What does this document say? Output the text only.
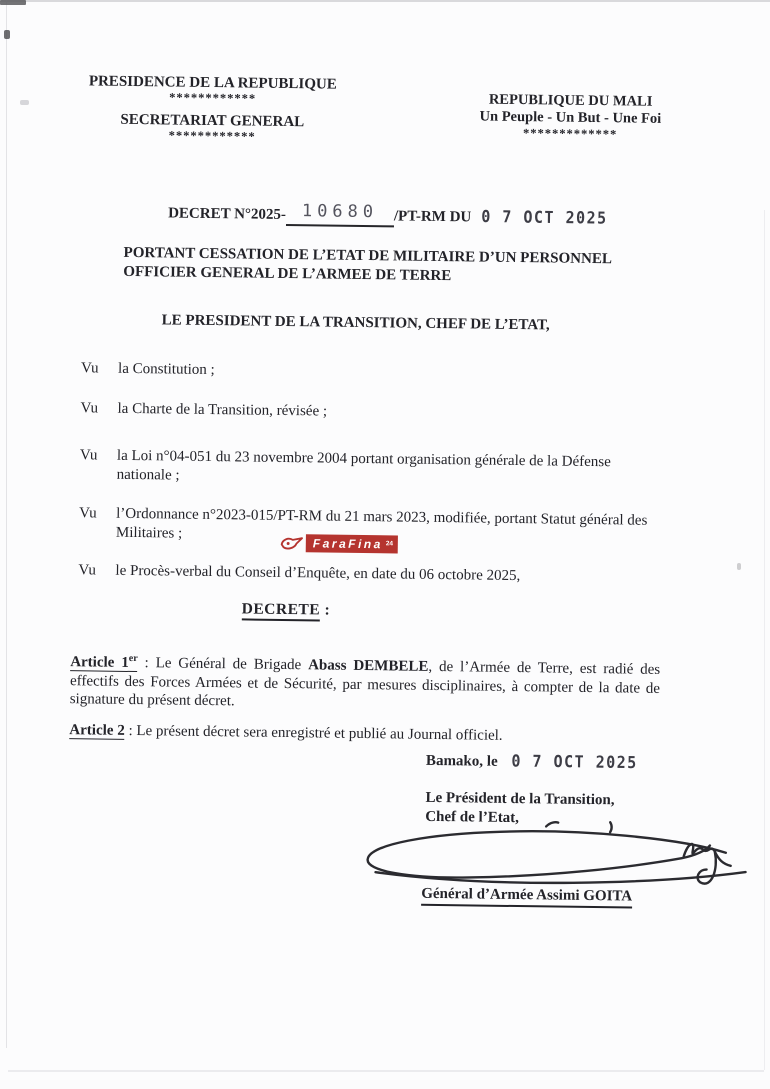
PRESIDENCE DE LA REPUBLIQUE
************
SECRETARIAT GENERAL
************
REPUBLIQUE DU MALI
Un Peuple - Un But - Une Foi
*************
DECRET N°2025- 10680 /PT-RM DU 0 7 OCT 2025
PORTANT CESSATION DE L’ETAT DE MILITAIRE D’UN PERSONNEL
OFFICIER GENERAL DE L’ARMEE DE TERRE
LE PRESIDENT DE LA TRANSITION, CHEF DE L’ETAT,
Vu	la Constitution ;
Vu	la Charte de la Transition, révisée ;
Vu	la Loi n°04-051 du 23 novembre 2004 portant organisation générale de la Défense nationale ;
Vu	l’Ordonnance n°2023-015/PT-RM du 21 mars 2023, modifiée, portant Statut général des Militaires ;
Vu	le Procès-verbal du Conseil d’Enquête, en date du 06 octobre 2025,
FaraFina 24
DECRETE :

Article 1er : Le Général de Brigade Abass DEMBELE, de l’Armée de Terre, est radié des effectifs des Forces Armées et de Sécurité, par mesures disciplinaires, à compter de la date de signature du présent décret.

Article 2 : Le présent décret sera enregistré et publié au Journal officiel.

Bamako, le 0 7 OCT 2025
Le Président de la Transition,
Chef de l’Etat,
Général d’Armée Assimi GOITA
